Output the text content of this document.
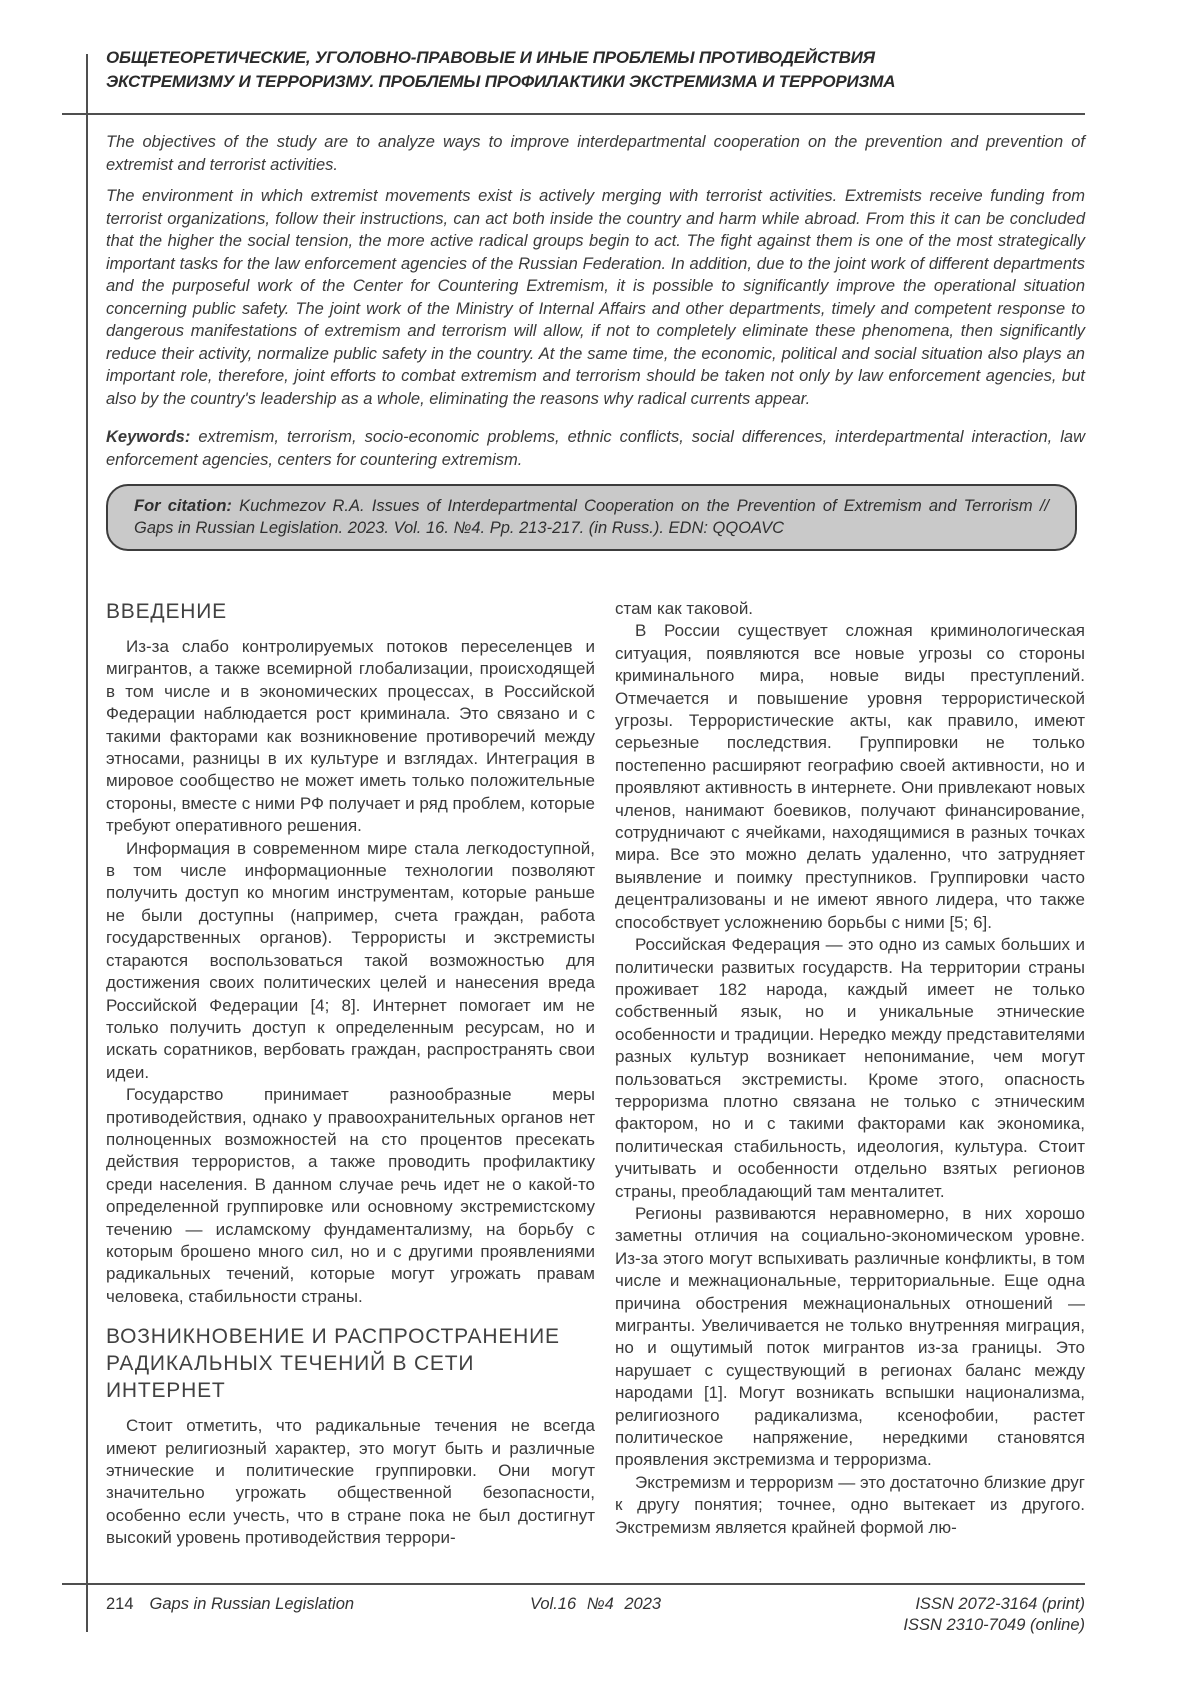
ОБЩЕТЕОРЕТИЧЕСКИЕ, УГОЛОВНО-ПРАВОВЫЕ И ИНЫЕ ПРОБЛЕМЫ ПРОТИВОДЕЙСТВИЯ
ЭКСТРЕМИЗМУ И ТЕРРОРИЗМУ. ПРОБЛЕМЫ ПРОФИЛАКТИКИ ЭКСТРЕМИЗМА И ТЕРРОРИЗМА

The objectives of the study are to analyze ways to improve interdepartmental cooperation on the prevention and prevention of extremist and terrorist activities.

The environment in which extremist movements exist is actively merging with terrorist activities. Extremists receive funding from terrorist organizations, follow their instructions, can act both inside the country and harm while abroad. From this it can be concluded that the higher the social tension, the more active radical groups begin to act. The fight against them is one of the most strategically important tasks for the law enforcement agencies of the Russian Federation. In addition, due to the joint work of different departments and the purposeful work of the Center for Countering Extremism, it is possible to significantly improve the operational situation concerning public safety. The joint work of the Ministry of Internal Affairs and other departments, timely and competent response to dangerous manifestations of extremism and terrorism will allow, if not to completely eliminate these phenomena, then significantly reduce their activity, normalize public safety in the country. At the same time, the economic, political and social situation also plays an important role, therefore, joint efforts to combat extremism and terrorism should be taken not only by law enforcement agencies, but also by the country's leadership as a whole, eliminating the reasons why radical currents appear.

Keywords: extremism, terrorism, socio-economic problems, ethnic conflicts, social differences, interdepartmental interaction, law enforcement agencies, centers for countering extremism.

For citation: Kuchmezov R.A. Issues of Interdepartmental Cooperation on the Prevention of Extremism and Terrorism // Gaps in Russian Legislation. 2023. Vol. 16. №4. Pp. 213-217. (in Russ.). EDN: QQOAVC
ВВЕДЕНИЕ

Из-за слабо контролируемых потоков переселенцев и мигрантов, а также всемирной глобализации, происходящей в том числе и в экономических процессах, в Российской Федерации наблюдается рост криминала. Это связано и с такими факторами как возникновение противоречий между этносами, разницы в их культуре и взглядах. Интеграция в мировое сообщество не может иметь только положительные стороны, вместе с ними РФ получает и ряд проблем, которые требуют оперативного решения.

Информация в современном мире стала легкодоступной, в том числе информационные технологии позволяют получить доступ ко многим инструментам, которые раньше не были доступны (например, счета граждан, работа государственных органов). Террористы и экстремисты стараются воспользоваться такой возможностью для достижения своих политических целей и нанесения вреда Российской Федерации [4; 8]. Интернет помогает им не только получить доступ к определенным ресурсам, но и искать соратников, вербовать граждан, распространять свои идеи.

Государство принимает разнообразные меры противодействия, однако у правоохранительных органов нет полноценных возможностей на сто процентов пресекать действия террористов, а также проводить профилактику среди населения. В данном случае речь идет не о какой-то определенной группировке или основному экстремистскому течению — исламскому фундаментализму, на борьбу с которым брошено много сил, но и с другими проявлениями радикальных течений, которые могут угрожать правам человека, стабильности страны.

ВОЗНИКНОВЕНИЕ И РАСПРОСТРАНЕНИЕ РАДИКАЛЬНЫХ ТЕЧЕНИЙ В СЕТИ ИНТЕРНЕТ

Стоит отметить, что радикальные течения не всегда имеют религиозный характер, это могут быть и различные этнические и политические группировки. Они могут значительно угрожать общественной безопасности, особенно если учесть, что в стране пока не был достигнут высокий уровень противодействия террори-

стам как таковой.

В России существует сложная криминологическая ситуация, появляются все новые угрозы со стороны криминального мира, новые виды преступлений. Отмечается и повышение уровня террористической угрозы. Террористические акты, как правило, имеют серьезные последствия. Группировки не только постепенно расширяют географию своей активности, но и проявляют активность в интернете. Они привлекают новых членов, нанимают боевиков, получают финансирование, сотрудничают с ячейками, находящимися в разных точках мира. Все это можно делать удаленно, что затрудняет выявление и поимку преступников. Группировки часто децентрализованы и не имеют явного лидера, что также способствует усложнению борьбы с ними [5; 6].

Российская Федерация — это одно из самых больших и политически развитых государств. На территории страны проживает 182 народа, каждый имеет не только собственный язык, но и уникальные этнические особенности и традиции. Нередко между представителями разных культур возникает непонимание, чем могут пользоваться экстремисты. Кроме этого, опасность терроризма плотно связана не только с этническим фактором, но и с такими факторами как экономика, политическая стабильность, идеология, культура. Стоит учитывать и особенности отдельно взятых регионов страны, преобладающий там менталитет.

Регионы развиваются неравномерно, в них хорошо заметны отличия на социально-экономическом уровне. Из-за этого могут вспыхивать различные конфликты, в том числе и межнациональные, территориальные. Еще одна причина обострения межнациональных отношений — мигранты. Увеличивается не только внутренняя миграция, но и ощутимый поток мигрантов из-за границы. Это нарушает с существующий в регионах баланс между народами [1]. Могут возникать вспышки национализма, религиозного радикализма, ксенофобии, растет политическое напряжение, нередкими становятся проявления экстремизма и терроризма.

Экстремизм и терроризм — это достаточно близкие друг к другу понятия; точнее, одно вытекает из другого. Экстремизм является крайней формой лю-

Vol.16 №4 2023
214 Gaps in Russian Legislation	ISSN 2072-3164 (print)
ISSN 2310-7049 (online)
